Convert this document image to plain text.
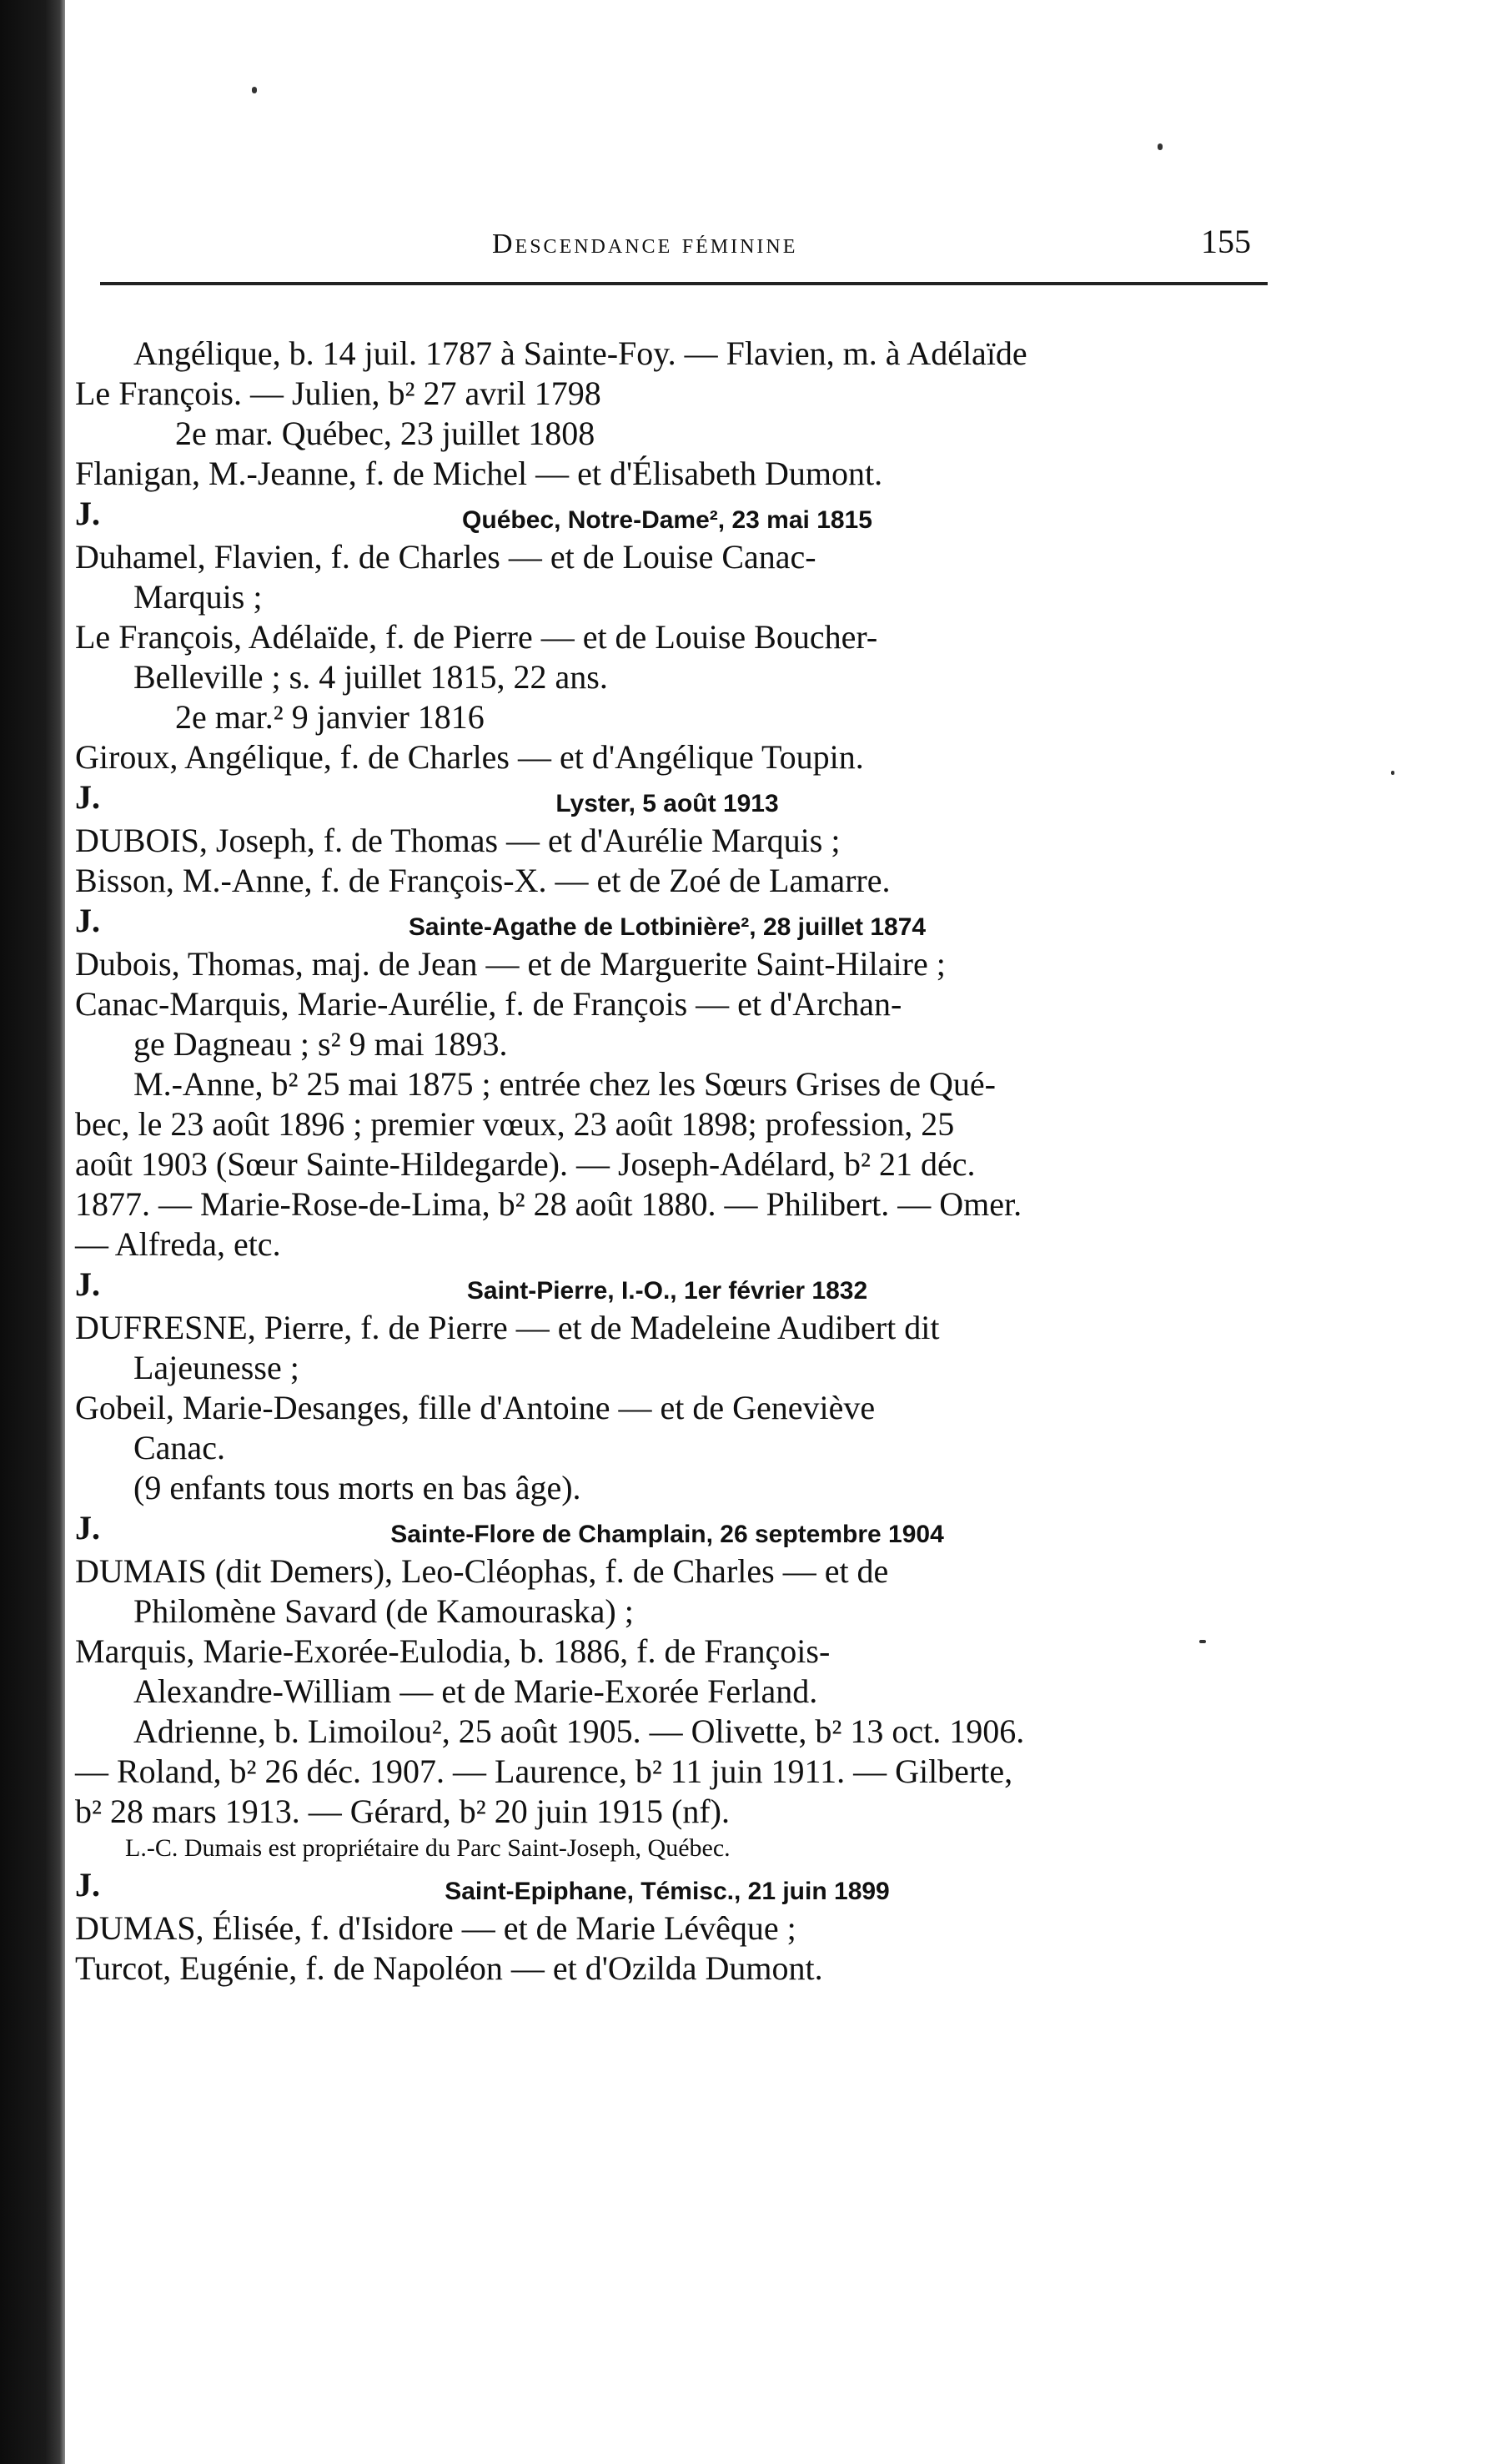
Descendance féminine	155

Angélique, b. 14 juil. 1787 à Sainte-Foy. — Flavien, m. à Adélaïde

Le François. — Julien, b² 27 avril 1798

2e mar. Québec, 23 juillet 1808

Flanigan, M.-Jeanne, f. de Michel — et d'Élisabeth Dumont.

J.	Québec, Notre-Dame², 23 mai 1815

Duhamel, Flavien, f. de Charles — et de Louise Canac-

Marquis ;

Le François, Adélaïde, f. de Pierre — et de Louise Boucher-

Belleville ; s. 4 juillet 1815, 22 ans.

2e mar.² 9 janvier 1816

Giroux, Angélique, f. de Charles — et d'Angélique Toupin.

J.	Lyster, 5 août 1913

DUBOIS, Joseph, f. de Thomas — et d'Aurélie Marquis ;

Bisson, M.-Anne, f. de François-X. — et de Zoé de Lamarre.

J.	Sainte-Agathe de Lotbinière², 28 juillet 1874

Dubois, Thomas, maj. de Jean — et de Marguerite Saint-Hilaire ;

Canac-Marquis, Marie-Aurélie, f. de François — et d'Archan-

ge Dagneau ; s² 9 mai 1893.

M.-Anne, b² 25 mai 1875 ; entrée chez les Sœurs Grises de Qué-

bec, le 23 août 1896 ; premier vœux, 23 août 1898; profession, 25

août 1903 (Sœur Sainte-Hildegarde). — Joseph-Adélard, b² 21 déc.

1877. — Marie-Rose-de-Lima, b² 28 août 1880. — Philibert. — Omer.

— Alfreda, etc.

J.	Saint-Pierre, I.-O., 1er février 1832

DUFRESNE, Pierre, f. de Pierre — et de Madeleine Audibert dit

Lajeunesse ;

Gobeil, Marie-Desanges, fille d'Antoine — et de Geneviève

Canac.

(9 enfants tous morts en bas âge).

J.	Sainte-Flore de Champlain, 26 septembre 1904

DUMAIS (dit Demers), Leo-Cléophas, f. de Charles — et de

Philomène Savard (de Kamouraska) ;

Marquis, Marie-Exorée-Eulodia, b. 1886, f. de François-

Alexandre-William — et de Marie-Exorée Ferland.

Adrienne, b. Limoilou², 25 août 1905. — Olivette, b² 13 oct. 1906.

— Roland, b² 26 déc. 1907. — Laurence, b² 11 juin 1911. — Gilberte,

b² 28 mars 1913. — Gérard, b² 20 juin 1915 (nf).

L.-C. Dumais est propriétaire du Parc Saint-Joseph, Québec.

J.	Saint-Epiphane, Témisc., 21 juin 1899

DUMAS, Élisée, f. d'Isidore — et de Marie Lévêque ;

Turcot, Eugénie, f. de Napoléon — et d'Ozilda Dumont.
